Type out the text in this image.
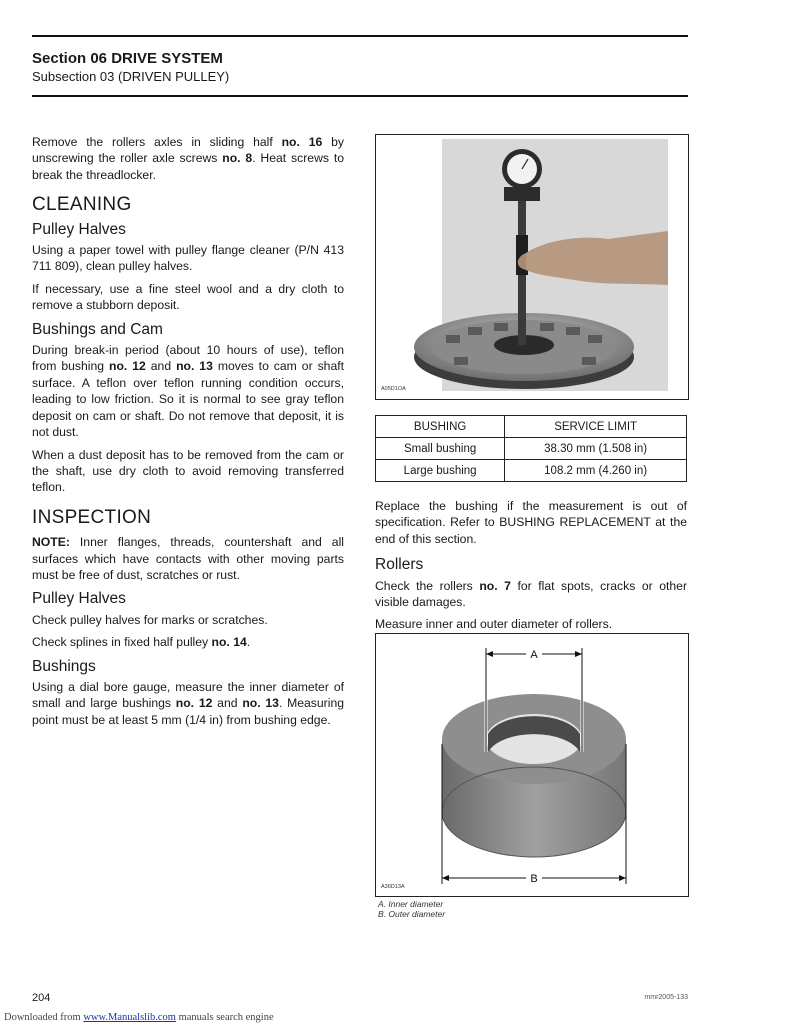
Section 06 DRIVE SYSTEM
Subsection 03 (DRIVEN PULLEY)

Remove the rollers axles in sliding half no. 16 by unscrewing the roller axle screws no. 8. Heat screws to break the threadlocker.

CLEANING
Pulley Halves

Using a paper towel with pulley flange cleaner (P/N 413 711 809), clean pulley halves.

If necessary, use a fine steel wool and a dry cloth to remove a stubborn deposit.

Bushings and Cam

During break-in period (about 10 hours of use), teflon from bushing no. 12 and no. 13 moves to cam or shaft surface. A teflon over teflon running condition occurs, leading to low friction. So it is normal to see gray teflon deposit on cam or shaft. Do not remove that deposit, it is not dust.

When a dust deposit has to be removed from the cam or the shaft, use dry cloth to avoid removing transferred teflon.

INSPECTION

NOTE: Inner flanges, threads, countershaft and all surfaces which have contacts with other moving parts must be free of dust, scratches or rust.

Pulley Halves

Check pulley halves for marks or scratches.

Check splines in fixed half pulley no. 14.

Bushings

Using a dial bore gauge, measure the inner diameter of small and large bushings no. 12 and no. 13. Measuring point must be at least 5 mm (1/4 in) from bushing edge.

A05D1OA
BUSHING	SERVICE LIMIT
Small bushing	38.30 mm (1.508 in)
Large bushing	108.2 mm (4.260 in)

Replace the bushing if the measurement is out of specification. Refer to BUSHING REPLACEMENT at the end of this section.

Rollers

Check the rollers no. 7 for flat spots, cracks or other visible damages.

Measure inner and outer diameter of rollers.

A
B
A36D13A
A. Inner diameter
B. Outer diameter
204	mmr2005-133
Downloaded from www.Manualslib.com manuals search engine
